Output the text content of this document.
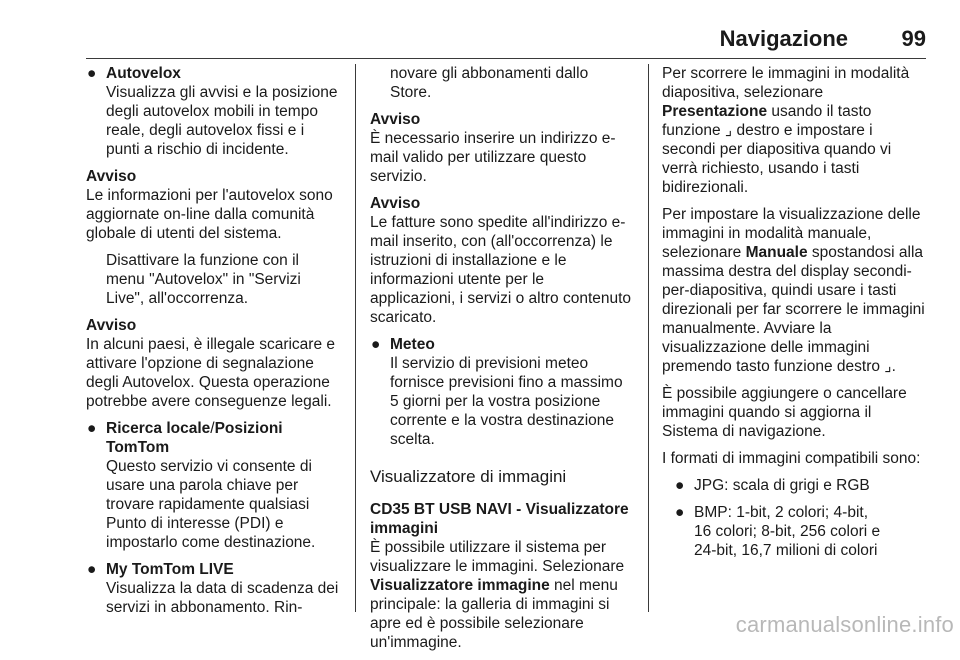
Navigazione 99
● Autovelox

Visualizza gli avvisi e la posizione degli autovelox mobili in tempo reale, degli autovelox fissi e i punti a rischio di incidente.

Avviso

Le informazioni per l'autovelox sono aggiornate on-line dalla comunità globale di utenti del sistema.

Disattivare la funzione con il menu "Autovelox" in "Servizi Live", all'occorrenza.
Avviso

In alcuni paesi, è illegale scaricare e attivare l'opzione di segnalazione degli Autovelox. Questa operazione potrebbe avere conseguenze legali.

● Ricerca locale/Posizioni TomTom

Questo servizio vi consente di usare una parola chiave per trovare rapidamente qualsiasi Punto di interesse (PDI) e impostarlo come destinazione.

● My TomTom LIVE

Visualizza la data di scadenza dei servizi in abbonamento. Rin-

novare gli abbonamenti dallo Store.
Avviso

È necessario inserire un indirizzo e-mail valido per utilizzare questo servizio.

Avviso

Le fatture sono spedite all'indirizzo e-mail inserito, con (all'occorrenza) le istruzioni di installazione e le informazioni utente per le applicazioni, i servizi o altro contenuto scaricato.

● Meteo

Il servizio di previsioni meteo fornisce previsioni fino a massimo 5 giorni per la vostra posizione corrente e la vostra destinazione scelta.

Visualizzatore di immagini
CD35 BT USB NAVI - Visualizzatore immagini

È possibile utilizzare il sistema per visualizzare le immagini. Selezionare Visualizzatore immagine nel menu principale: la galleria di immagini si apre ed è possibile selezionare un'immagine.

Per scorrere le immagini in modalità diapositiva, selezionare Presentazione usando il tasto funzione ⌟ destro e impostare i secondi per diapositiva quando vi verrà richiesto, usando i tasti bidirezionali.

Per impostare la visualizzazione delle immagini in modalità manuale, selezionare Manuale spostandosi alla massima destra del display secondi-per-diapositiva, quindi usare i tasti direzionali per far scorrere le immagini manualmente. Avviare la visualizzazione delle immagini premendo tasto funzione destro ⌟.

È possibile aggiungere o cancellare immagini quando si aggiorna il Sistema di navigazione.

I formati di immagini compatibili sono:

● JPG: scala di grigi e RGB

● BMP: 1-bit, 2 colori; 4-bit,
16 colori; 8-bit, 256 colori e
24-bit, 16,7 milioni di colori
carmanualsonline.info
